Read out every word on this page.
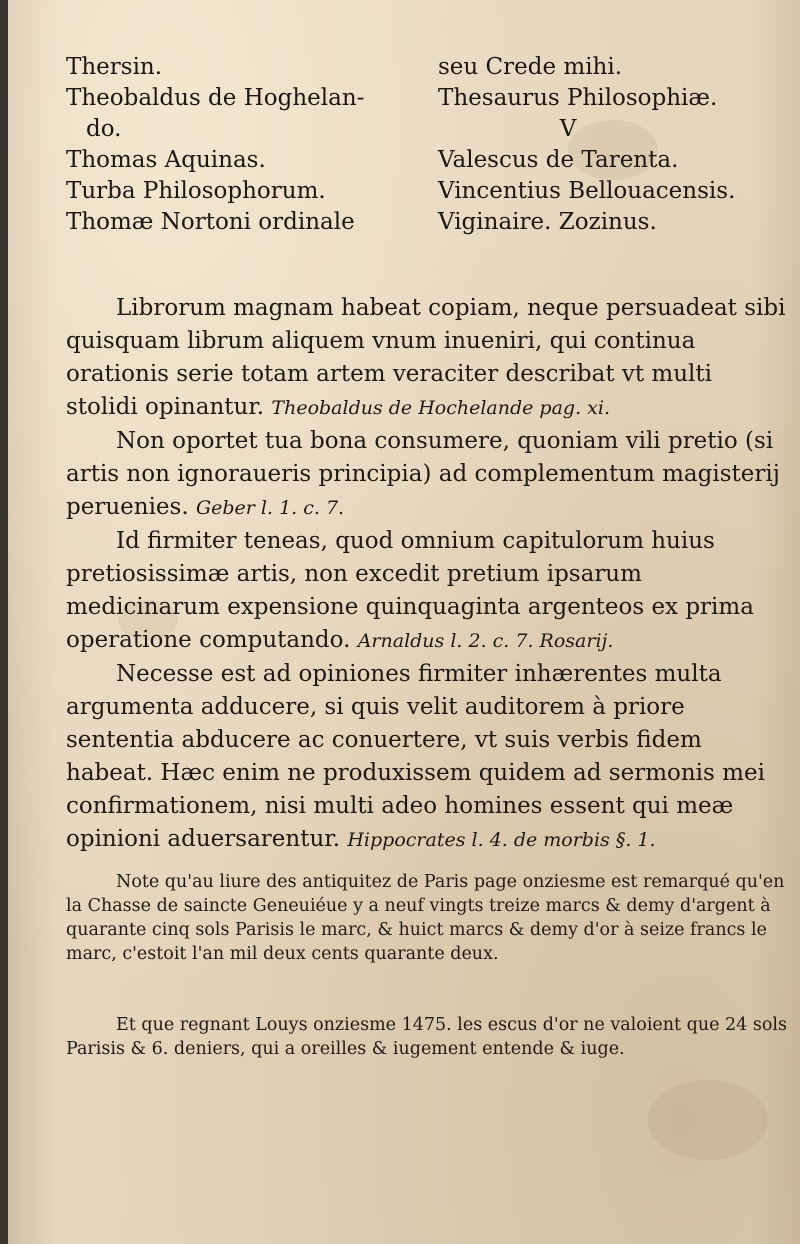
Thersin.
Theobaldus de Hoghelan-
do.
Thomas Aquinas.
Turba Philosophorum.
Thomæ Nortoni ordinale
seu Crede mihi.
Thesaurus Philosophiæ.
V
Valescus de Tarenta.
Vincentius Bellouacensis.
Viginaire. Zozinus.

Librorum magnam habeat copiam, neque persuadeat sibi quisquam librum aliquem vnum inueniri, qui continua orationis serie totam artem veraciter describat vt multi stolidi opinantur. Theobaldus de Hochelande pag. xi.

Non oportet tua bona consumere, quoniam vili pretio (si artis non ignoraueris principia) ad complementum magisterij peruenies. Geber l. 1. c. 7.

Id firmiter teneas, quod omnium capitulorum huius pretiosissimæ artis, non excedit pretium ipsarum medicinarum expensione quinquaginta argenteos ex prima operatione computando. Arnaldus l. 2. c. 7. Rosarij.

Necesse est ad opiniones firmiter inhærentes multa argumenta adducere, si quis velit auditorem à priore sententia abducere ac conuertere, vt suis verbis fidem habeat. Hæc enim ne produxissem quidem ad sermonis mei confirmationem, nisi multi adeo homines essent qui meæ opinioni aduersarentur. Hippocrates l. 4. de morbis §. 1.

Note qu'au liure des antiquitez de Paris page onziesme est remarqué qu'en la Chasse de saincte Geneuiéue y a neuf vingts treize marcs & demy d'argent à quarante cinq sols Parisis le marc, & huict marcs & demy d'or à seize francs le marc, c'estoit l'an mil deux cents quarante deux.

Et que regnant Louys onziesme 1475. les escus d'or ne valoient que 24 sols Parisis & 6. deniers, qui a oreilles & iugement entende & iuge.
